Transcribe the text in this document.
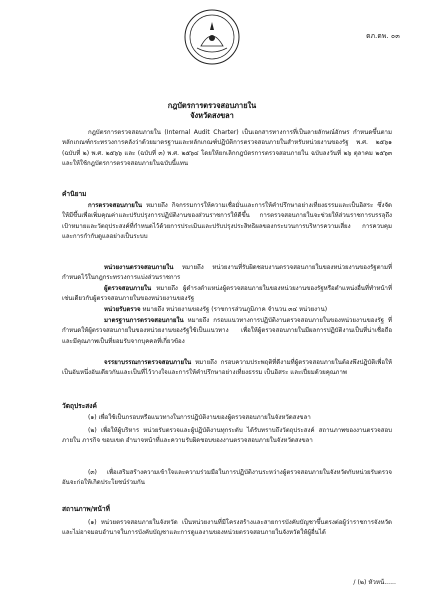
ตภ.ตพ. ๐๓
กฎบัตรการตรวจสอบภายใน
จังหวัดสงขลา
กฎบัตรการตรวจสอบภายใน (Internal Audit Charter) เป็นเอกสารทางการที่เป็นลายลักษณ์อักษร กำหนดขึ้นตามหลักเกณฑ์กระทรวงการคลังว่าด้วยมาตรฐานและหลักเกณฑ์ปฏิบัติการตรวจสอบภายในสำหรับหน่วยงานของรัฐ พ.ศ. ๒๕๖๑ (ฉบับที่ ๒) พ.ศ. ๒๕๖๖ และ (ฉบับที่ ๓) พ.ศ. ๒๕๖๔ โดยให้ยกเลิกกฎบัตรการตรวจสอบภายใน ฉบับลงวันที่ ๒๖ ตุลาคม ๒๕๖๓ และให้ใช้กฎบัตรการตรวจสอบภายในฉบับนี้แทน
คำนิยาม
การตรวจสอบภายใน หมายถึง กิจกรรมการให้ความเชื่อมั่นและการให้คำปรึกษาอย่างเที่ยงธรรมและเป็นอิสระ ซึ่งจัดให้มีขึ้นเพื่อเพิ่มคุณค่าและปรับปรุงการปฏิบัติงานของส่วนราชการให้ดีขึ้น การตรวจสอบภายในจะช่วยให้ส่วนราชการบรรลุถึงเป้าหมายและวัตถุประสงค์ที่กำหนดไว้ด้วยการประเมินและปรับปรุงประสิทธิผลของกระบวนการบริหารความเสี่ยง การควบคุม และการกำกับดูแลอย่างเป็นระบบ
หน่วยงานตรวจสอบภายใน หมายถึง หน่วยงานที่รับผิดชอบงานตรวจสอบภายในของหน่วยงานของรัฐตามที่กำหนดไว้ในกฎกระทรวงการแบ่งส่วนราชการ
ผู้ตรวจสอบภายใน หมายถึง ผู้ดำรงตำแหน่งผู้ตรวจสอบภายในของหน่วยงานของรัฐหรือตำแหน่งอื่นที่ทำหน้าที่เช่นเดียวกับผู้ตรวจสอบภายในของหน่วยงานของรัฐ
หน่วยรับตรวจ หมายถึง หน่วยงานของรัฐ (ราชการส่วนภูมิภาค จำนวน ๓๔ หน่วยงาน)
มาตรฐานการตรวจสอบภายใน หมายถึง กรอบแนวทางการปฏิบัติงานตรวจสอบภายในของหน่วยงานของรัฐ ที่กำหนดให้ผู้ตรวจสอบภายในของหน่วยงานของรัฐใช้เป็นแนวทาง เพื่อให้ผู้ตรวจสอบภายในมีผลการปฏิบัติงานเป็นที่น่าเชื่อถือและมีคุณภาพเป็นที่ยอมรับจากบุคคลที่เกี่ยวข้อง
จรรยาบรรณการตรวจสอบภายใน หมายถึง กรอบความประพฤติที่ดีงามที่ผู้ตรวจสอบภายในต้องพึงปฏิบัติเพื่อให้เป็นอันหนึ่งอันเดียวกันและเป็นที่ไว้วางใจและการให้คำปรึกษาอย่างเที่ยงธรรม เป็นอิสระ และเปี่ยมด้วยคุณภาพ
วัตถุประสงค์
(๑) เพื่อใช้เป็นกรอบหรือแนวทางในการปฏิบัติงานของผู้ตรวจสอบภายในจังหวัดสงขลา
(๒) เพื่อให้ผู้บริหาร หน่วยรับตรวจและผู้ปฏิบัติงานทุกระดับ ได้รับทราบถึงวัตถุประสงค์ สถานภาพของงานตรวจสอบภายใน ภารกิจ ขอบเขต อำนาจหน้าที่และความรับผิดชอบของงานตรวจสอบภายในจังหวัดสงขลา
(๓) เพื่อเสริมสร้างความเข้าใจและความร่วมมือในการปฏิบัติงานระหว่างผู้ตรวจสอบภายในจังหวัดกับหน่วยรับตรวจ อันจะก่อให้เกิดประโยชน์ร่วมกัน
สถานภาพ/หน้าที่
(๑) หน่วยตรวจสอบภายในจังหวัด เป็นหน่วยงานที่มีโครงสร้างและสายการบังคับบัญชาขึ้นตรงต่อผู้ว่าราชการจังหวัด และไม่อาจมอบอำนาจในการบังคับบัญชาและการดูแลงานของหน่วยตรวจสอบภายในจังหวัดให้ผู้อื่นได้
/ (๒) หัวหน้......
